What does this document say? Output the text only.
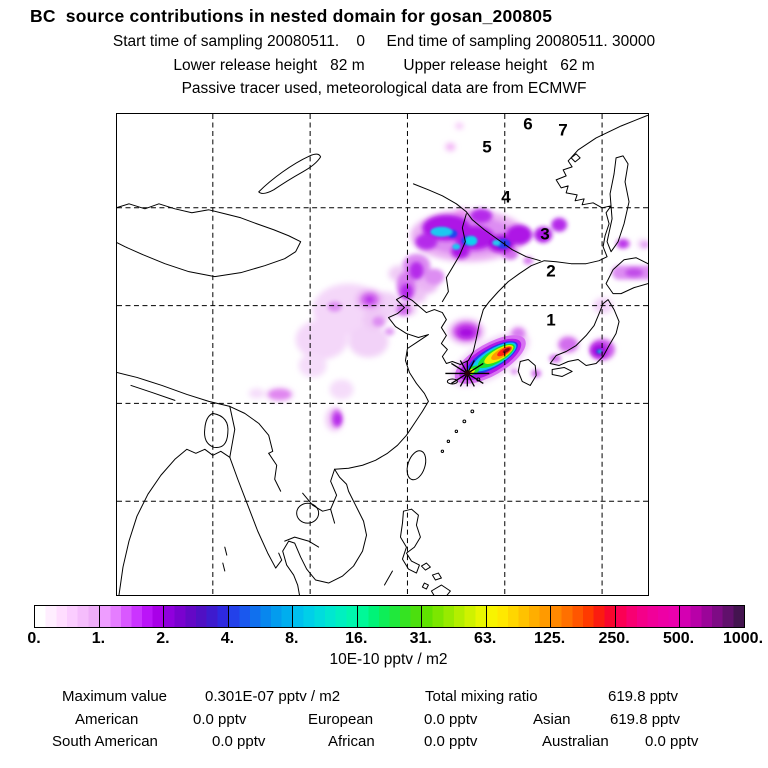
BC  source contributions in nested domain for gosan_200805
Start time of sampling 20080511.    0     End time of sampling 20080511. 30000
Lower release height   82 m         Upper release height   62 m
Passive tracer used, meteorological data are from ECMWF
1
2
3
4
5
6 7
0.	1.	2.	4.	8.	16.	31.	63. 125. 250. 500. 1000.
10E-10 pptv / m2
Maximum value	0.301E-07 pptv / m2	Total mixing ratio	619.8 pptv
American	0.0 pptv	European	0.0 pptv	Asian	619.8 pptv
South American	0.0 pptv	African	0.0 pptv	Australian 0.0 pptv
